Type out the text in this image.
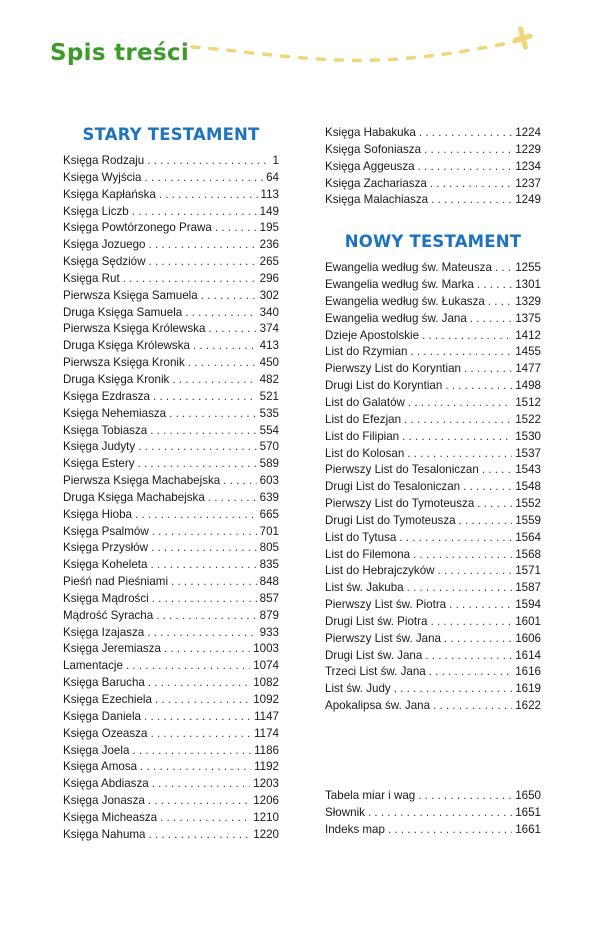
Spis treści
STARY TESTAMENT
Księga Rodzaju . . .	1
Księga Wyjścia . . .	64
Księga Kapłańska . . .	113
Księga Liczb . . .	149
Księga Powtórzonego Prawa . . .	195
Księga Jozuego . . .	236
Księga Sędziów . . .	265
Księga Rut . . .	296
Pierwsza Księga Samuela . . .	302
Druga Księga Samuela . . .	340
Pierwsza Księga Królewska . . .	374
Druga Księga Królewska . . .	413
Pierwsza Księga Kronik . . .	450
Druga Księga Kronik . . .	482
Księga Ezdrasza . . .	521
Księga Nehemiasza . . .	535
Księga Tobiasza . . .	554
Księga Judyty . . .	570
Księga Estery . . .	589
Pierwsza Księga Machabejska . . .	603
Druga Księga Machabejska . . .	639
Księga Hioba . . .	665
Księga Psalmów . . .	701
Księga Przysłów . . .	805
Księga Koheleta . . .	835
Pieśń nad Pieśniami . . .	848
Księga Mądrości . . .	857
Mądrość Syracha . . .	879
Księga Izajasza . . .	933
Księga Jeremiasza . . .	1003
Lamentacje . . .	1074
Księga Barucha . . .	1082
Księga Ezechiela . . .	1092
Księga Daniela . . .	1147
Księga Ozeasza . . .	1174
Księga Joela . . .	1186
Księga Amosa . . .	1192
Księga Abdiasza . . .	1203
Księga Jonasza . . .	1206
Księga Micheasza . . .	1210
Księga Nahuma . . .	1220
Księga Habakuka . . .	1224
Księga Sofoniasza . . .	1229
Księga Aggeusza . . .	1234
Księga Zachariasza . . .	1237
Księga Malachiasza . . .	1249
NOWY TESTAMENT
Ewangelia według św. Mateusza . . . 1255
Ewangelia według św. Marka . . .	1301
Ewangelia według św. Łukasza . . .	1329
Ewangelia według św. Jana . . .	1375
Dzieje Apostolskie . . .	1412
List do Rzymian . . .	1455
Pierwszy List do Koryntian . . .	1477
Drugi List do Koryntian . . .	1498
List do Galatów . . .	1512
List do Efezjan . . .	1522
List do Filipian . . .	1530
List do Kolosan . . .	1537
Pierwszy List do Tesaloniczan . . .	1543
Drugi List do Tesaloniczan . . .	1548
Pierwszy List do Tymoteusza . . .	1552
Drugi List do Tymoteusza . . .	1559
List do Tytusa . . .	1564
List do Filemona . . .	1568
List do Hebrajczyków . . .	1571
List św. Jakuba . . .	1587
Pierwszy List św. Piotra . . .	1594
Drugi List św. Piotra . . .	1601
Pierwszy List św. Jana . . .	1606
Drugi List św. Jana . . .	1614
Trzeci List św. Jana . . .	1616
List św. Judy . . .	1619
Apokalipsa św. Jana . . .	1622
Tabela miar i wag . . .	1650
Słownik . . .	1651
Indeks map . . .	1661
